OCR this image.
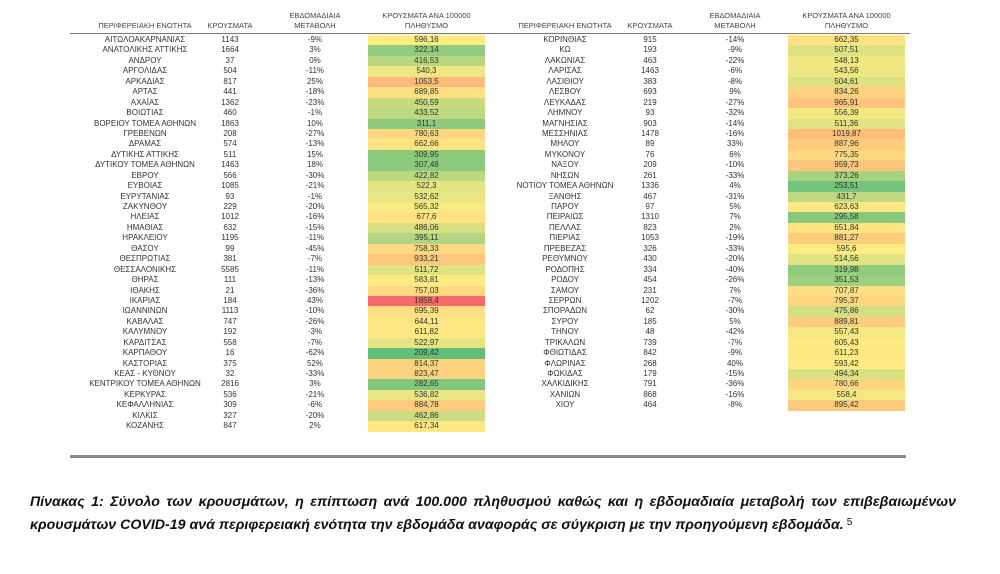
ΠΕΡΙΦΕΡΕΙΑΚΗ ΕΝΟΤΗΤΑ	ΚΡΟΥΣΜΑΤΑ
ΕΒΔΟΜΑΔΙΑΙΑ
ΜΕΤΑΒΟΛΗ
ΚΡΟΥΣΜΑΤΑ ΑΝΑ 100000
ΠΛΗΘΥΣΜΟ
ΑΙΤΩΛΟΑΚΑΡΝΑΝΙΑΣ	1143	-9%	596,16
ΑΝΑΤΟΛΙΚΗΣ ΑΤΤΙΚΗΣ	1664	3%	322,14
ΑΝΔΡΟΥ	37	0%	416,53
ΑΡΓΟΛΙΔΑΣ	504	-11%	540,3
ΑΡΚΑΔΙΑΣ	817	25%	1053,5
ΑΡΤΑΣ	441	-18%	689,85
ΑΧΑΪΑΣ	1362	-23%	450,59
ΒΟΙΩΤΙΑΣ	460	-1%	433,52
ΒΟΡΕΙΟΥ ΤΟΜΕΑ ΑΘΗΝΩΝ	1863	10%	311,1
ΓΡΕΒΕΝΩΝ	208	-27%	780,63
ΔΡΑΜΑΣ	574	-13%	662,66
ΔΥΤΙΚΗΣ ΑΤΤΙΚΗΣ	511	15%	309,95
ΔΥΤΙΚΟΥ ΤΟΜΕΑ ΑΘΗΝΩΝ	1463	18%	307,48
ΕΒΡΟΥ	566	-30%	422,82
ΕΥΒΟΙΑΣ	1085	-21%	522,3
ΕΥΡΥΤΑΝΙΑΣ	93	-1%	532,62
ΖΑΚΥΝΘΟΥ	229	-20%	565,32
ΗΛΕΙΑΣ	1012	-16%	677,6
ΗΜΑΘΙΑΣ	632	-15%	486,06
ΗΡΑΚΛΕΙΟΥ	1195	-11%	395,11
ΘΑΣΟΥ	99	-45%	758,33
ΘΕΣΠΡΩΤΙΑΣ	381	-7%	933,21
ΘΕΣΣΑΛΟΝΙΚΗΣ	5585	-11%	511,72
ΘΗΡΑΣ	111	-13%	583,81
ΙΘΑΚΗΣ	21	-36%	757,03
ΙΚΑΡΙΑΣ	184	43%	1858,4
ΙΩΑΝΝΙΝΩΝ	1113	-10%	695,39
ΚΑΒΑΛΑΣ	747	-26%	644,11
ΚΑΛΥΜΝΟΥ	192	-3%	611,82
ΚΑΡΔΙΤΣΑΣ	558	-7%	522,97
ΚΑΡΠΑΘΟΥ	16	-62%	209,42
ΚΑΣΤΟΡΙΑΣ	375	52%	814,37
ΚΕΑΣ - ΚΥΘΝΟΥ	32	-33%	823,47
ΚΕΝΤΡΙΚΟΥ ΤΟΜΕΑ ΑΘΗΝΩΝ	2816	3%	282,65
ΚΕΡΚΥΡΑΣ	536	-21%	536,82
ΚΕΦΑΛΛΗΝΙΑΣ	309	-6%	884,78
ΚΙΛΚΙΣ	327	-20%	462,86
ΚΟΖΑΝΗΣ	847	2%	617,34
ΠΕΡΙΦΕΡΕΙΑΚΗ ΕΝΟΤΗΤΑ	ΚΡΟΥΣΜΑΤΑ
ΕΒΔΟΜΑΔΙΑΙΑ
ΜΕΤΑΒΟΛΗ
ΚΡΟΥΣΜΑΤΑ ΑΝΑ 100000
ΠΛΗΘΥΣΜΟ
ΚΟΡΙΝΘΙΑΣ	915	-14%	662,35
ΚΩ	193	-9%	507,51
ΛΑΚΩΝΙΑΣ	463	-22%	548,13
ΛΑΡΙΣΑΣ	1463	-6%	543,56
ΛΑΣΙΘΙΟΥ	383	-8%	504,61
ΛΕΣΒΟΥ	693	9%	834,26
ΛΕΥΚΑΔΑΣ	219	-27%	965,91
ΛΗΜΝΟΥ	93	-32%	556,39
ΜΑΓΝΗΣΙΑΣ	903	-14%	511,36
ΜΕΣΣΗΝΙΑΣ	1478	-16%	1019,87
ΜΗΛΟΥ	89	33%	887,96
ΜΥΚΟΝΟΥ	76	6%	775,35
ΝΑΞΟΥ	209	-10%	959,73
ΝΗΣΩΝ	261	-33%	373,26
ΝΟΤΙΟΥ ΤΟΜΕΑ ΑΘΗΝΩΝ	1336	4%	253,51
ΞΑΝΘΗΣ	467	-31%	431,7
ΠΑΡΟΥ	97	5%	623,63
ΠΕΙΡΑΙΩΣ	1310	7%	295,58
ΠΕΛΛΑΣ	823	2%	651,84
ΠΙΕΡΙΑΣ	1053	-19%	881,27
ΠΡΕΒΕΖΑΣ	326	-33%	595,6
ΡΕΘΥΜΝΟΥ	430	-20%	514,56
ΡΟΔΟΠΗΣ	334	-40%	319,98
ΡΟΔΟΥ	454	-26%	351,53
ΣΑΜΟΥ	231	7%	707,87
ΣΕΡΡΩΝ	1202	-7%	795,37
ΣΠΟΡΑΔΩΝ	62	-30%	475,86
ΣΥΡΟΥ	185	5%	889,81
ΤΗΝΟΥ	48	-42%	557,43
ΤΡΙΚΑΛΩΝ	739	-7%	605,43
ΦΘΙΩΤΙΔΑΣ	842	-9%	611,23
ΦΛΩΡΙΝΑΣ	268	40%	593,42
ΦΩΚΙΔΑΣ	179	-15%	494,34
ΧΑΛΚΙΔΙΚΗΣ	791	-36%	780,66
ΧΑΝΙΩΝ	868	-16%	558,4
ΧΙΟΥ	464	-8%	895,42
Πίνακας 1: Σύνολο των κρουσμάτων, η επίπτωση ανά 100.000 πληθυσμού καθώς και η εβδομαδιαία μεταβολή των επιβεβαιωμένων κρουσμάτων COVID-19 ανά περιφερειακή ενότητα την εβδομάδα αναφοράς σε σύγκριση με την προηγούμενη εβδομάδα. $^5$
